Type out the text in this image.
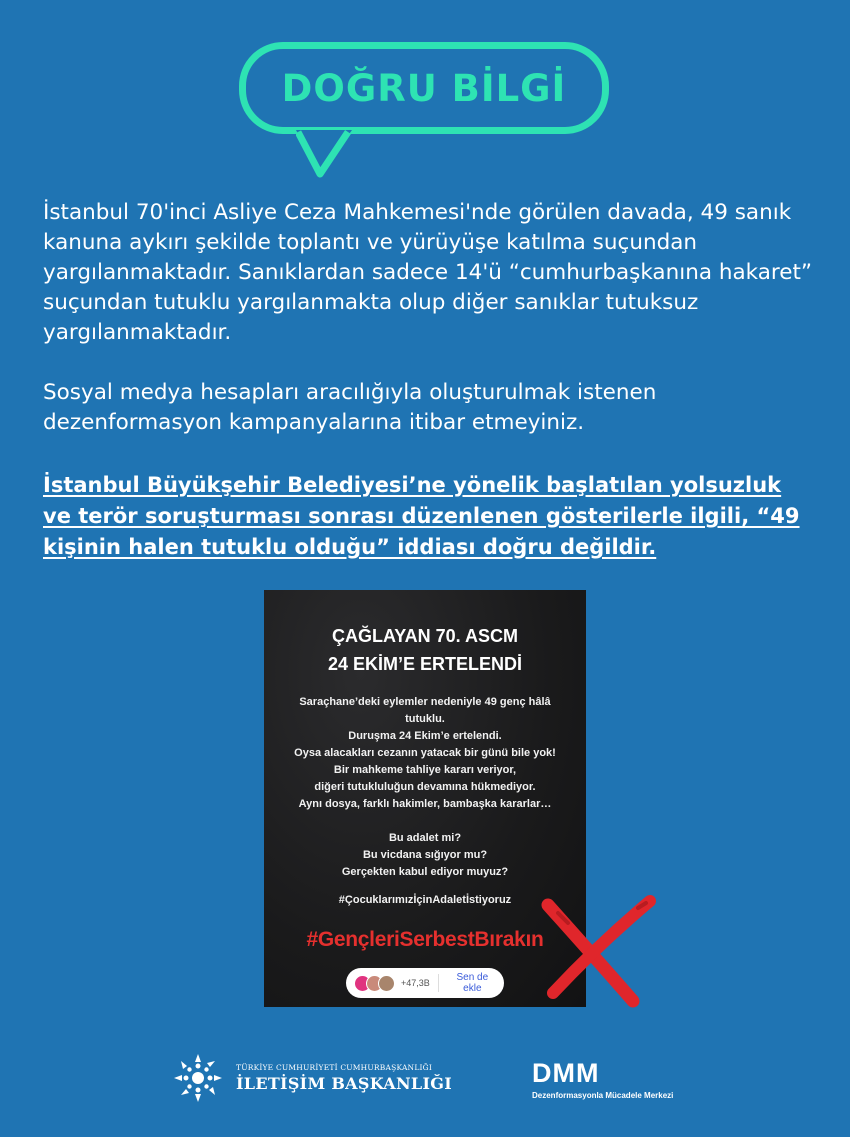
DOĞRU BİLGİ
İstanbul 70'inci Asliye Ceza Mahkemesi'nde görülen davada, 49 sanık kanuna aykırı şekilde toplantı ve yürüyüşe katılma suçundan yargılanmaktadır. Sanıklardan sadece 14'ü “cumhurbaşkanına hakaret” suçundan tutuklu yargılanmakta olup diğer sanıklar tutuksuz yargılanmaktadır.
Sosyal medya hesapları aracılığıyla oluşturulmak istenen dezenformasyon kampanyalarına itibar etmeyiniz.
İstanbul Büyükşehir Belediyesi’ne yönelik başlatılan yolsuzluk ve terör soruşturması sonrası düzenlenen gösterilerle ilgili, “49 kişinin halen tutuklu olduğu” iddiası doğru değildir.
ÇAĞLAYAN 70. ASCM
24 EKİM’E ERTELENDİ
Saraçhane’deki eylemler nedeniyle 49 genç hâlâ
tutuklu.
Duruşma 24 Ekim’e ertelendi.
Oysa alacakları cezanın yatacak bir günü bile yok!
Bir mahkeme tahliye kararı veriyor,
diğeri tutukluluğun devamına hükmediyor.
Aynı dosya, farklı hakimler, bambaşka kararlar…
Bu adalet mi?
Bu vicdana sığıyor mu?
Gerçekten kabul ediyor muyuz?
#ÇocuklarımızİçinAdaletİstiyoruz
#GençleriSerbestBırakın
+47,3B	Sen de ekle
TÜRKİYE CUMHURİYETİ CUMHURBAŞKANLIĞI
İLETİŞİM BAŞKANLIĞI	DMM
Dezenformasyonla Mücadele Merkezi
